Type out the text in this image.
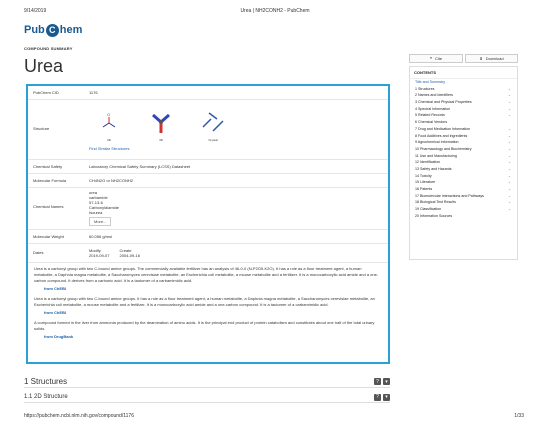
9/14/2019	Urea | NH2CONH2 - PubChem
Pub C hem
COMPOUND SUMMARY
Urea	❝ Cite	⬇ Download
PubChem CID	1176
Structure
O
2D	3D	Crystal
Find Similar Structures
Chemical Safety	Laboratory Chemical Safety Summary (LCSS) Datasheet
Molecular Formula	CH4N2O or NH2CONH2
Chemical Names
urea
carbamide
57-13-6
Carbonyldiamide
Isourea
More...
Molecular Weight	60.056 g/mol
Dates	Modify
2019-09-07
Create
2004-09-16

Urea is a carbonyl group with two C-bound amine groups. The commercially available fertilizer has an analysis of 46-0-0 (N-P2O5-K2O). It has a role as a flour treatment agent, a human metabolite, a Daphnia magna metabolite, a Saccharomyces cerevisiae metabolite, an Escherichia coli metabolite, a mouse metabolite and a fertilizer. It is a monocarboxylic acid amide and a one-carbon compound. It derives from a carbonic acid. It is a tautomer of a carbamimidic acid.

from ChEBI

Urea is a carbonyl group with two C-bound amine groups. It has a role as a flour treatment agent, a human metabolite, a Daphnia magna metabolite, a Saccharomyces cerevisiae metabolite, an Escherichia coli metabolite, a mouse metabolite and a fertilizer. It is a monocarboxylic acid amide and a one-carbon compound. It is a tautomer of a carbamimidic acid.

from ChEBI

A compound formed in the liver from ammonia produced by the deamination of amino acids. It is the principal end product of protein catabolism and constitutes about one half of the total urinary solids.

from DrugBank
CONTENTS
Title and Summary
1 Structures	⌄
2 Names and Identifiers	⌄
3 Chemical and Physical Properties	⌄
4 Spectral Information	⌄
5 Related Records	⌄
6 Chemical Vendors
7 Drug and Medication Information	⌄
8 Food Additives and Ingredients	⌄
9 Agrochemical Information	⌄
10 Pharmacology and Biochemistry	⌄
11 Use and Manufacturing	⌄
12 Identification	⌄
13 Safety and Hazards	⌄
14 Toxicity	⌄
15 Literature	⌄
16 Patents	⌄
17 Biomolecular Interactions and Pathways	⌄
18 Biological Test Results	⌄
19 Classification	⌄
20 Information Sources
1 Structures	?	▾
1.1 2D Structure	?	▾
https://pubchem.ncbi.nlm.nih.gov/compound/1176	1/33
